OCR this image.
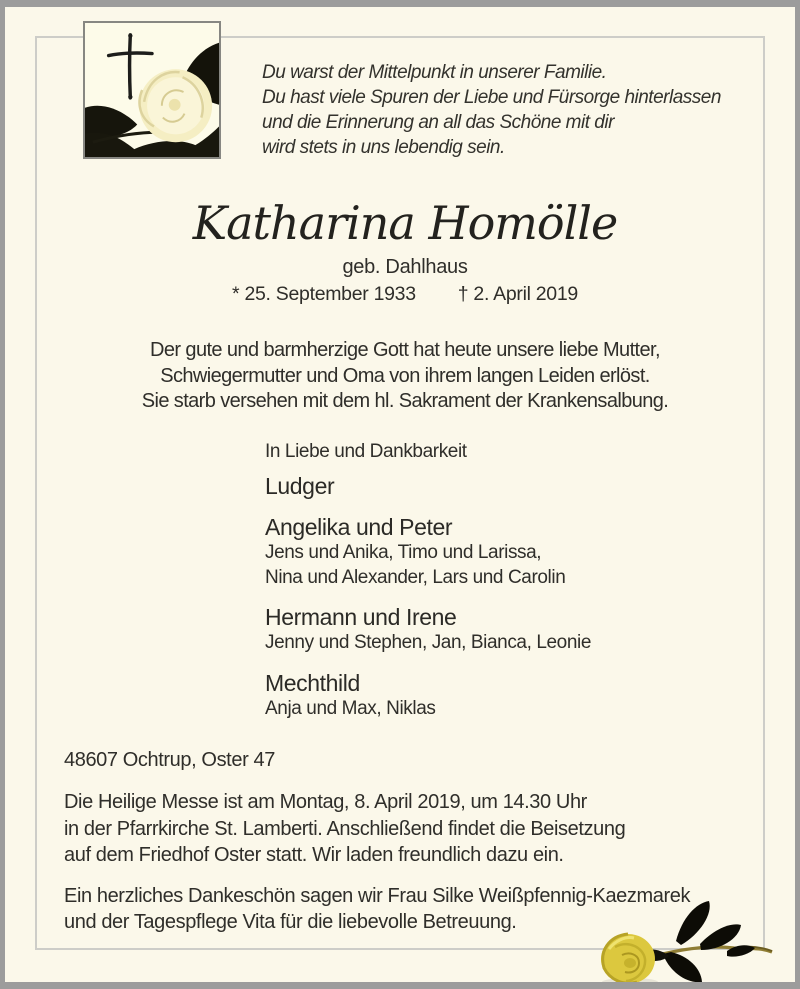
Du warst der Mittelpunkt in unserer Familie.
Du hast viele Spuren der Liebe und Fürsorge hinterlassen
und die Erinnerung an all das Schöne mit dir
wird stets in uns lebendig sein.
Katharina Homölle
geb. Dahlhaus
* 25. September 1933 † 2. April 2019
Der gute und barmherzige Gott hat heute unsere liebe Mutter,
Schwiegermutter und Oma von ihrem langen Leiden erlöst.
Sie starb versehen mit dem hl. Sakrament der Krankensalbung.
In Liebe und Dankbarkeit
Ludger
Angelika und Peter
Jens und Anika, Timo und Larissa,
Nina und Alexander, Lars und Carolin
Hermann und Irene
Jenny und Stephen, Jan, Bianca, Leonie
Mechthild
Anja und Max, Niklas
48607 Ochtrup, Oster 47
Die Heilige Messe ist am Montag, 8. April 2019, um 14.30 Uhr
in der Pfarrkirche St. Lamberti. Anschließend findet die Beisetzung
auf dem Friedhof Oster statt. Wir laden freundlich dazu ein.
Ein herzliches Dankeschön sagen wir Frau Silke Weißpfennig-Kaezmarek
und der Tagespflege Vita für die liebevolle Betreuung.
